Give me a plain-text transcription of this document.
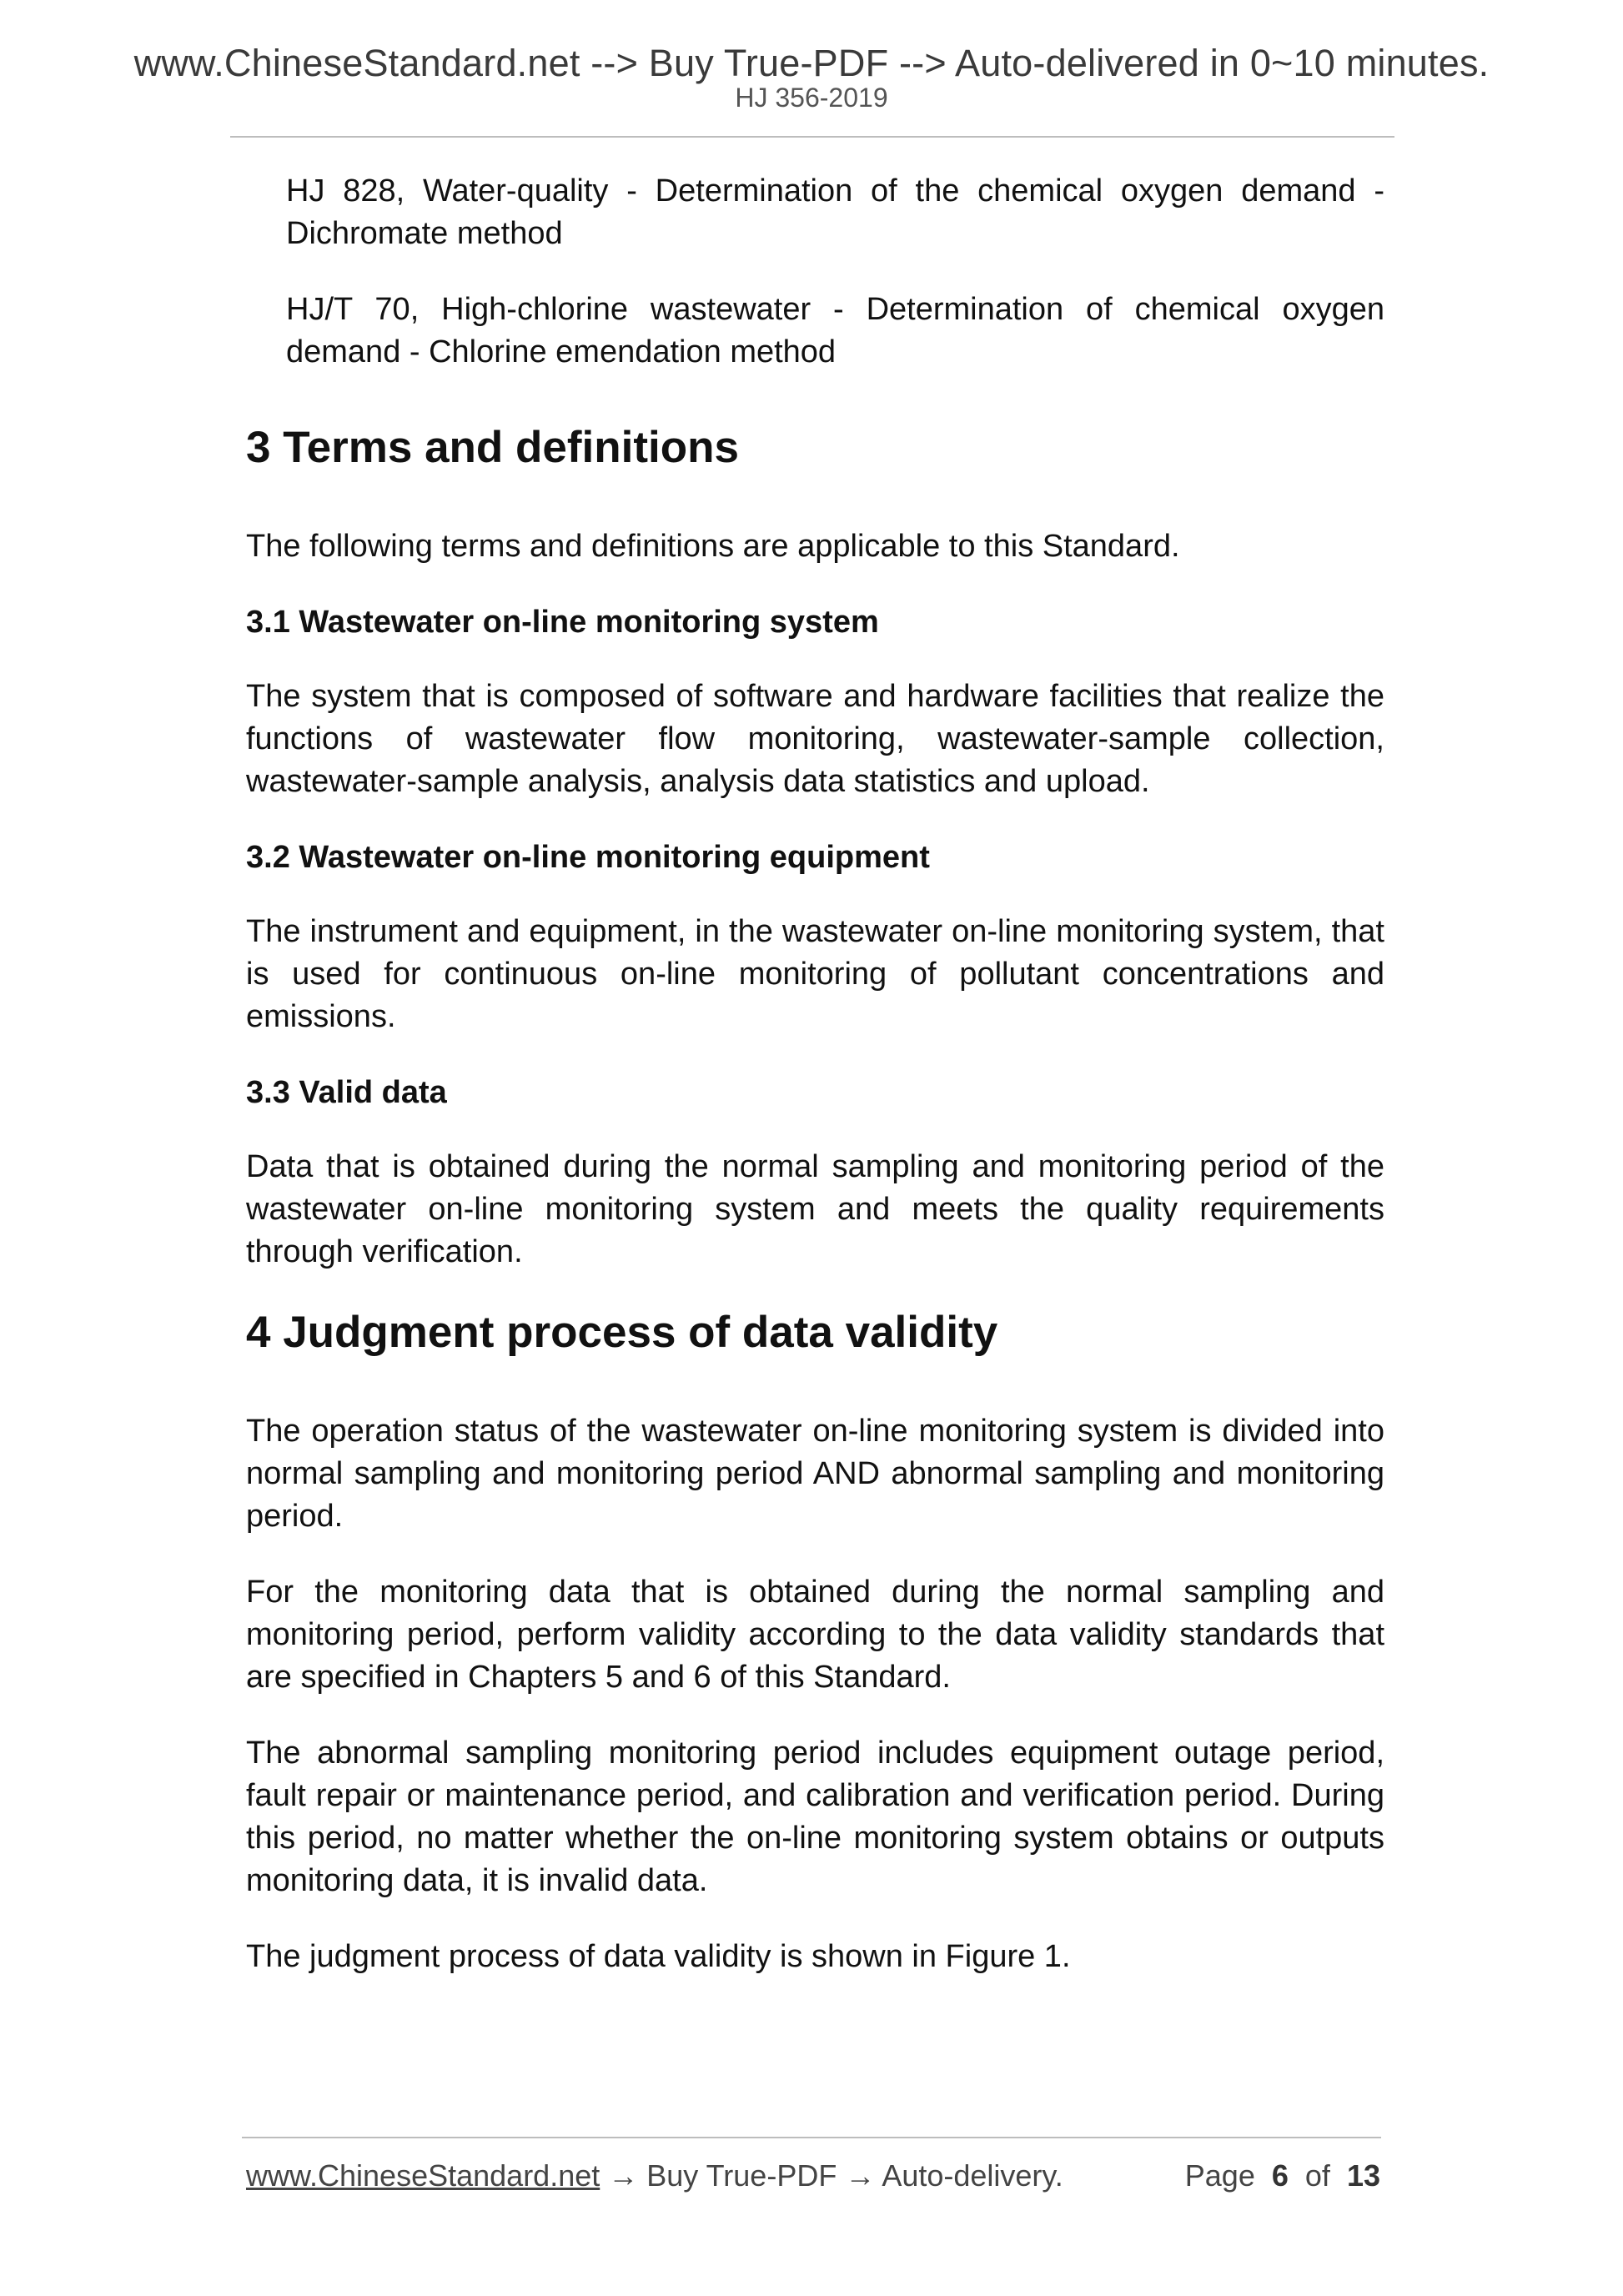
www.ChineseStandard.net --> Buy True-PDF --> Auto-delivered in 0~10 minutes.
HJ 356-2019

HJ 828, Water-quality - Determination of the chemical oxygen demand - Dichromate method

HJ/T 70, High-chlorine wastewater - Determination of chemical oxygen demand - Chlorine emendation method

3 Terms and definitions

The following terms and definitions are applicable to this Standard.

3.1 Wastewater on-line monitoring system

The system that is composed of software and hardware facilities that realize the functions of wastewater flow monitoring, wastewater-sample collection, wastewater-sample analysis, analysis data statistics and upload.

3.2 Wastewater on-line monitoring equipment

The instrument and equipment, in the wastewater on-line monitoring system, that is used for continuous on-line monitoring of pollutant concentrations and emissions.

3.3 Valid data

Data that is obtained during the normal sampling and monitoring period of the wastewater on-line monitoring system and meets the quality requirements through verification.

4 Judgment process of data validity

The operation status of the wastewater on-line monitoring system is divided into normal sampling and monitoring period AND abnormal sampling and monitoring period.

For the monitoring data that is obtained during the normal sampling and monitoring period, perform validity according to the data validity standards that are specified in Chapters 5 and 6 of this Standard.

The abnormal sampling monitoring period includes equipment outage period, fault repair or maintenance period, and calibration and verification period. During this period, no matter whether the on-line monitoring system obtains or outputs monitoring data, it is invalid data.

The judgment process of data validity is shown in Figure 1.

www.ChineseStandard.net → Buy True-PDF → Auto-delivery.	Page 6 of 13
